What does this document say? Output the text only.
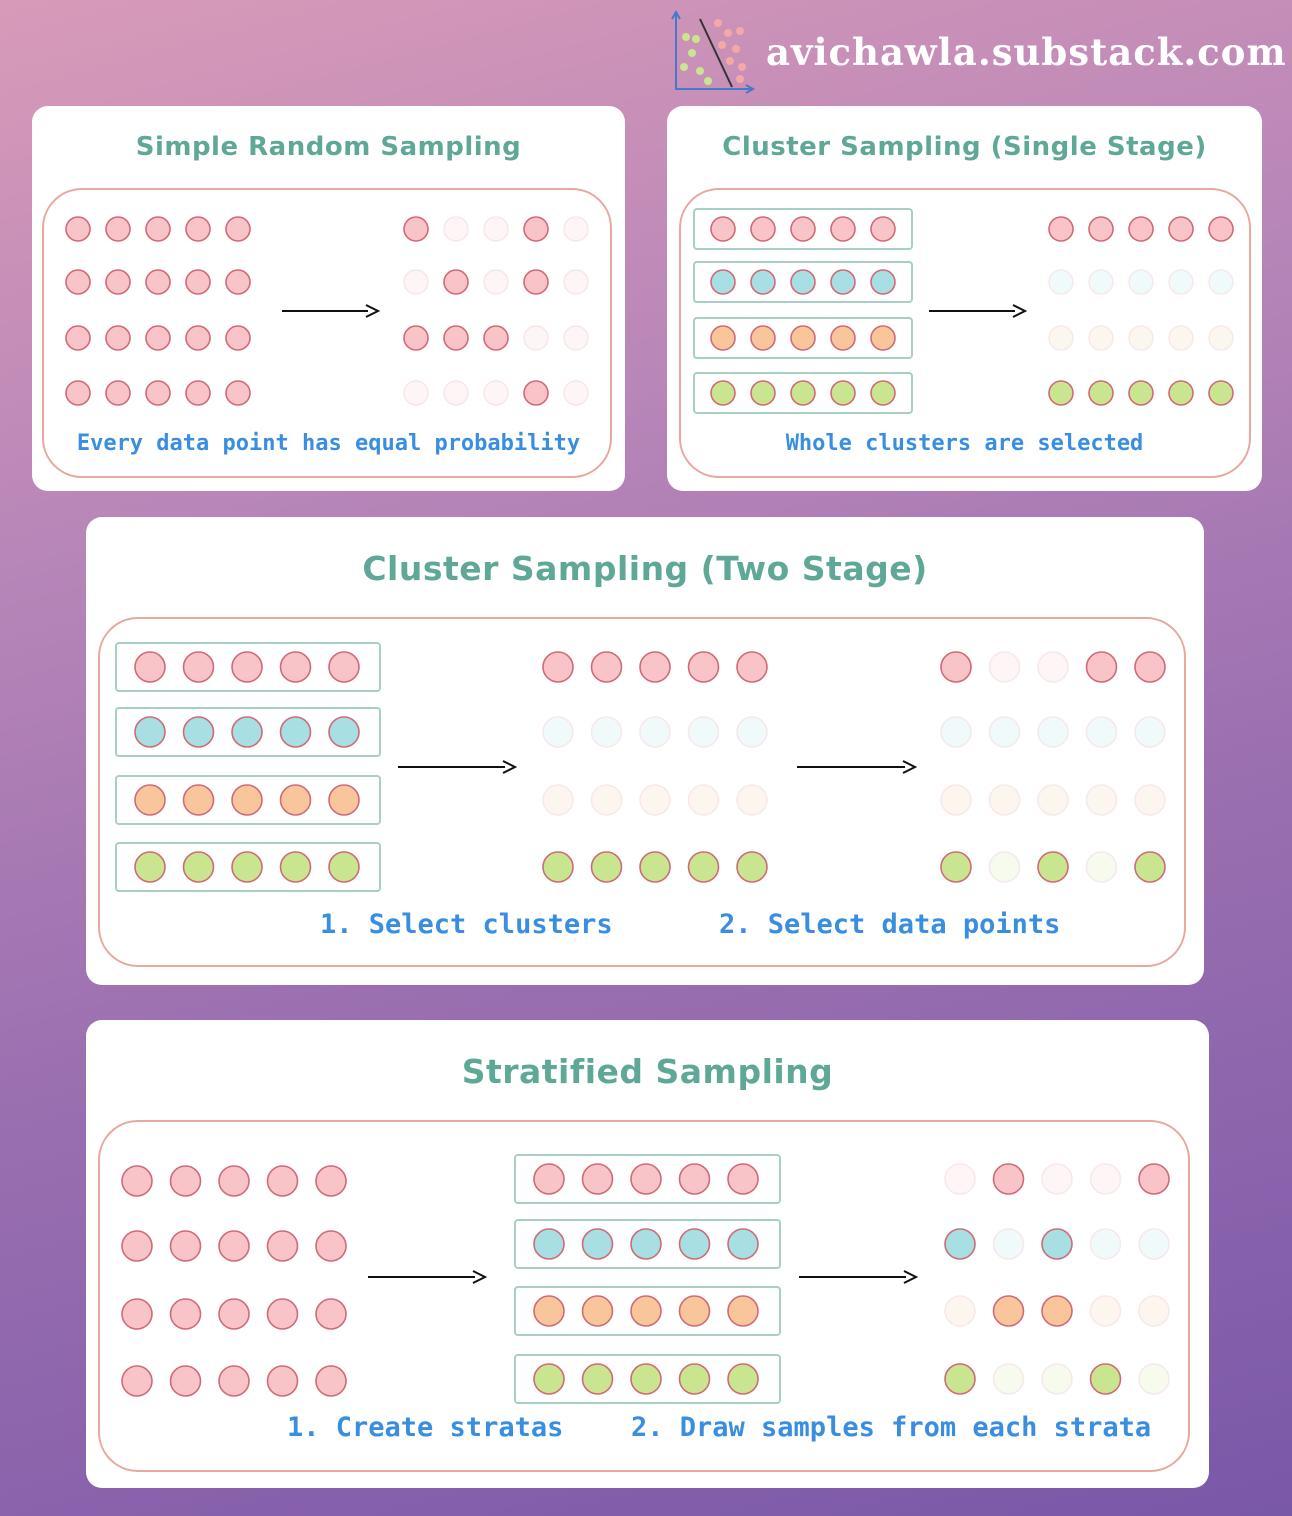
avichawla.substack.com
Simple Random Sampling
Every data point has equal probability
Cluster Sampling (Single Stage)
Whole clusters are selected
Cluster Sampling (Two Stage)
1. Select clusters	2. Select data points
Stratified Sampling
1. Create stratas	2. Draw samples from each strata
